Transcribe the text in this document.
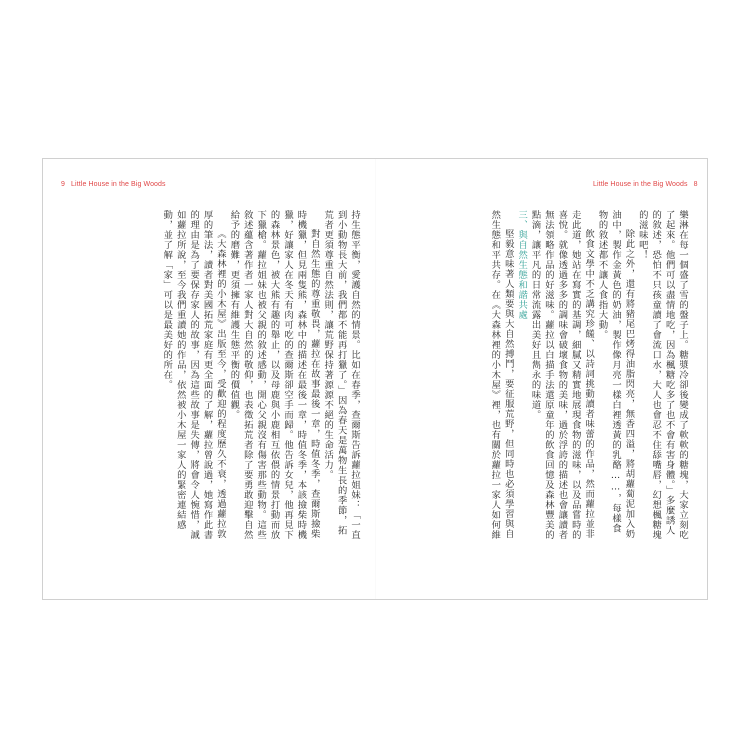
9 Little House in the Big Woods	Little House in the Big Woods 8

樂淋在每一個盛了雪的盤子上。糖漿冷卻後變成了軟軟的糖塊，大家立刻吃了起來。他們可以盡情地吃，因為楓糖吃多了也不會有害身體。」多麼誘人的敘述，恐怕不只孩童讀了會流口水，大人也會忍不住舔嘴唇，幻想楓糖塊的滋味吧！

除此之外，還有將豬尾巴烤得油脂閃亮，無香四溢，將胡蘿蔔泥加入奶油中，製作金黃色的奶油，製作像月亮一樣白裡透黃的乳酪……，每樣食物的敘述都不讓人食指大動。

飲食文學中不乏講究珍饈、以詩詞挑動讀者味蕾的作品，然而蘿拉並非走此道，她站在寫實的基調，細膩又精實地展現食物的滋味，以及品嘗時的喜悅。就像透過多多的調味會破壞食物的美味，過於浮誇的描述也會讓讀者無法領略作品的好滋味。蘿拉以白描手法還原童年的飲食回憶及森林豐美的點滴，讓平凡的日常流露出美好且雋永的味道。

三、與自然生態和諧共處

堅毅意味著人類要與大自然搏鬥，要征服荒野，但同時也必須學習與自然生態和平共存。在《大森林裡的小木屋》裡，也有關於蘿拉一家人如何維

持生態平衡，愛護自然的情景。比如在春季，查爾斯告訴蘿拉姐妹：「一直到小動物長大前，我們都不能再打獵了。」因為春天是萬物生長的季節，拓荒者更須尊重自然法則，讓荒野保持著源源不絕的生命活力。

對自然生態的尊重敬畏，蘿拉在故事最後一章，時值冬季，查爾斯撿柴時機獵，但見兩隻熊，森林中的描述在最後一章，時值冬季，本該撿柴時機獵，好讓家人在冬天有肉可吃的查爾斯卻空手而歸。他告訴女兒，他再見下的森林景色，被大熊有趣的舉止，以及母鹿與小鹿相互依偎的情景打動而放下獵槍。蘿拉姐妹也被父親的敘述感動，開心父親沒有傷害那些動物。這些敘述蘊含著作者一家人對大自然的敬仰，也表徵拓荒者除了要勇敢迎擊自然給予的磨難，更須擁有維護生態平衡的價值觀。

《大森林裡的小木屋》出版至今，受歡迎的程度歷久不衰，透過蘿拉敦厚的筆法，讀者對美國拓荒家庭有更全面的了解，蘿拉曾說過，她寫作此書的理由是為了要保存家人的故事，因為這些故事是失傳，將會令人惋惜，誠如蘿拉所說，至今我們重讀她的作品，依然被小木屋一家人的緊密連結感動，並了解「家」可以是最美好的所在。
